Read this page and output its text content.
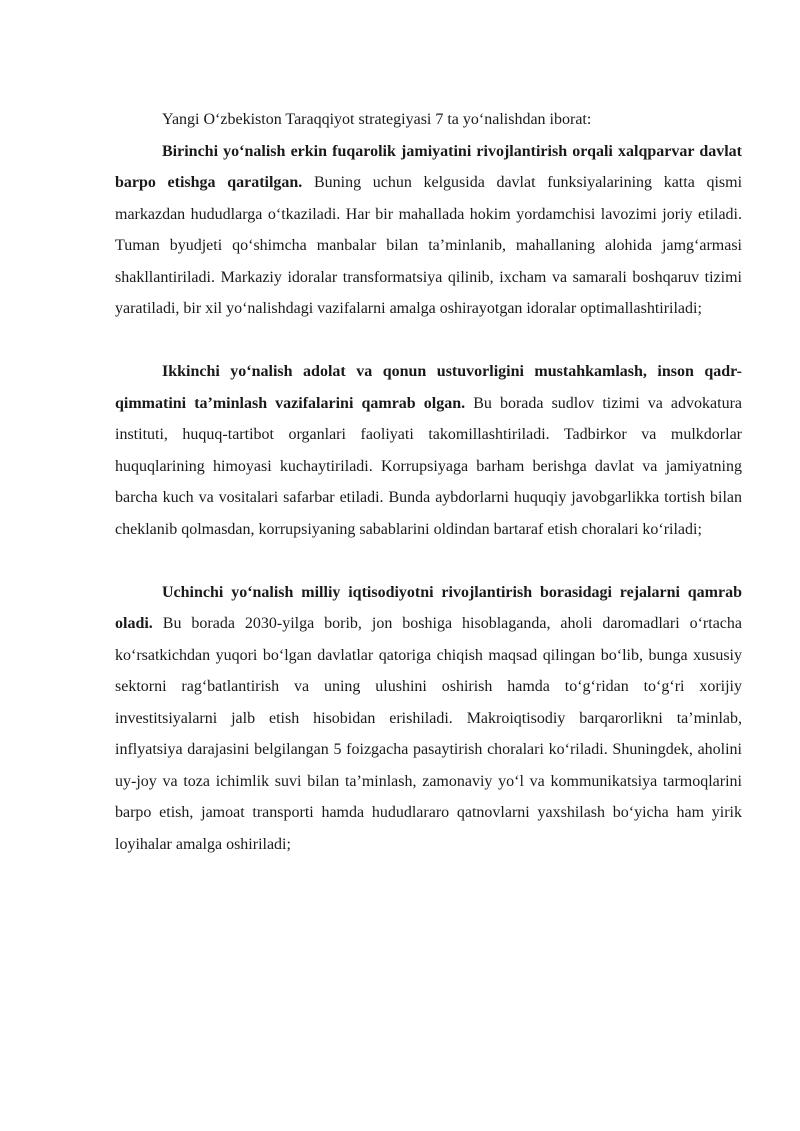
Yangi O‘zbekiston Taraqqiyot strategiyasi 7 ta yo‘nalishdan iborat:

Birinchi yo‘nalish erkin fuqarolik jamiyatini rivojlantirish orqali xalqparvar davlat barpo etishga qaratilgan. Buning uchun kelgusida davlat funksiyalarining katta qismi markazdan hududlarga o‘tkaziladi. Har bir mahallada hokim yordamchisi lavozimi joriy etiladi. Tuman byudjeti qo‘shimcha manbalar bilan ta’minlanib, mahallaning alohida jamg‘armasi shakllantiriladi. Markaziy idoralar transformatsiya qilinib, ixcham va samarali boshqaruv tizimi yaratiladi, bir xil yo‘nalishdagi vazifalarni amalga oshirayotgan idoralar optimallashtiriladi;

Ikkinchi yo‘nalish adolat va qonun ustuvorligini mustahkamlash, inson qadr-qimmatini ta’minlash vazifalarini qamrab olgan. Bu borada sudlov tizimi va advokatura instituti, huquq-tartibot organlari faoliyati takomillashtiriladi. Tadbirkor va mulkdorlar huquqlarining himoyasi kuchaytiriladi. Korrupsiyaga barham berishga davlat va jamiyatning barcha kuch va vositalari safarbar etiladi. Bunda aybdorlarni huquqiy javobgarlikka tortish bilan cheklanib qolmasdan, korrupsiyaning sabablarini oldindan bartaraf etish choralari ko‘riladi;

Uchinchi yo‘nalish milliy iqtisodiyotni rivojlantirish borasidagi rejalarni qamrab oladi. Bu borada 2030-yilga borib, jon boshiga hisoblaganda, aholi daromadlari o‘rtacha ko‘rsatkichdan yuqori bo‘lgan davlatlar qatoriga chiqish maqsad qilingan bo‘lib, bunga xususiy sektorni rag‘batlantirish va uning ulushini oshirish hamda to‘g‘ridan to‘g‘ri xorijiy investitsiyalarni jalb etish hisobidan erishiladi. Makroiqtisodiy barqarorlikni ta’minlab, inflyatsiya darajasini belgilangan 5 foizgacha pasaytirish choralari ko‘riladi. Shuningdek, aholini uy-joy va toza ichimlik suvi bilan ta’minlash, zamonaviy yo‘l va kommunikatsiya tarmoqlarini barpo etish, jamoat transporti hamda hududlararo qatnovlarni yaxshilash bo‘yicha ham yirik loyihalar amalga oshiriladi;
